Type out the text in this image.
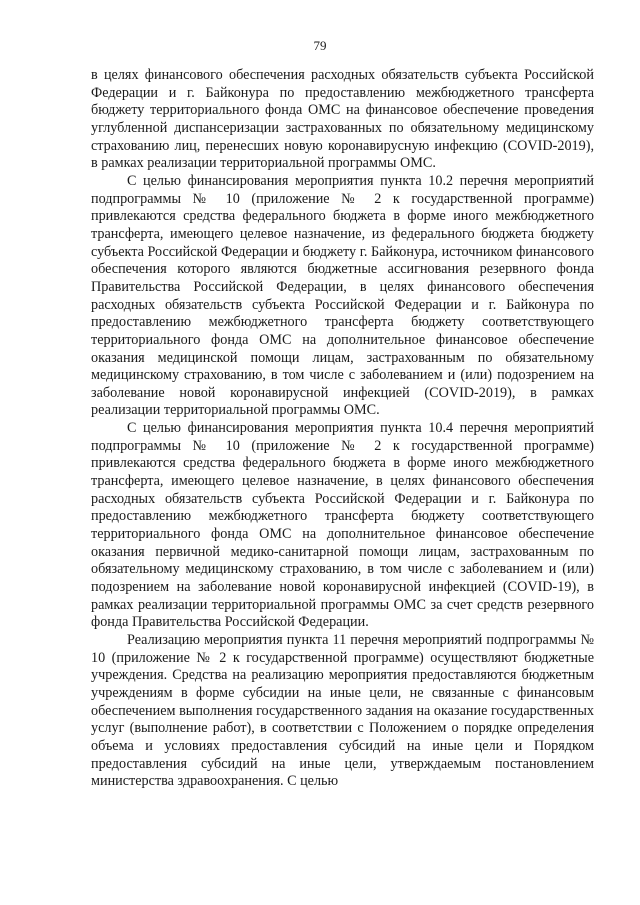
79

в целях финансового обеспечения расходных обязательств субъекта Российской Федерации и г. Байконура по предоставлению межбюджетного трансферта бюджету территориального фонда ОМС на финансовое обеспечение проведения углубленной диспансеризации застрахованных по обязательному медицинскому страхованию лиц, перенесших новую коронавирусную инфекцию (COVID-2019), в рамках реализации территориальной программы ОМС.

С целью финансирования мероприятия пункта 10.2 перечня мероприятий подпрограммы № 10 (приложение № 2 к государственной программе) привлекаются средства федерального бюджета в форме иного межбюджетного трансферта, имеющего целевое назначение, из федерального бюджета бюджету субъекта Российской Федерации и бюджету г. Байконура, источником финансового обеспечения которого являются бюджетные ассигнования резервного фонда Правительства Российской Федерации, в целях финансового обеспечения расходных обязательств субъекта Российской Федерации и г. Байконура по предоставлению межбюджетного трансферта бюджету соответствующего территориального фонда ОМС на дополнительное финансовое обеспечение оказания медицинской помощи лицам, застрахованным по обязательному медицинскому страхованию, в том числе с заболеванием и (или) подозрением на заболевание новой коронавирусной инфекцией (COVID-2019), в рамках реализации территориальной программы ОМС.

С целью финансирования мероприятия пункта 10.4 перечня мероприятий подпрограммы № 10 (приложение № 2 к государственной программе) привлекаются средства федерального бюджета в форме иного межбюджетного трансферта, имеющего целевое назначение, в целях финансового обеспечения расходных обязательств субъекта Российской Федерации и г. Байконура по предоставлению межбюджетного трансферта бюджету соответствующего территориального фонда ОМС на дополнительное финансовое обеспечение оказания первичной медико-санитарной помощи лицам, застрахованным по обязательному медицинскому страхованию, в том числе с заболеванием и (или) подозрением на заболевание новой коронавирусной инфекцией (COVID-19), в рамках реализации территориальной программы ОМС за счет средств резервного фонда Правительства Российской Федерации.

Реализацию мероприятия пункта 11 перечня мероприятий подпрограммы № 10 (приложение № 2 к государственной программе) осуществляют бюджетные учреждения. Средства на реализацию мероприятия предоставляются бюджетным учреждениям в форме субсидии на иные цели, не связанные с финансовым обеспечением выполнения государственного задания на оказание государственных услуг (выполнение работ), в соответствии с Положением о порядке определения объема и условиях предоставления субсидий на иные цели и Порядком предоставления субсидий на иные цели, утверждаемым постановлением министерства здравоохранения. С целью
